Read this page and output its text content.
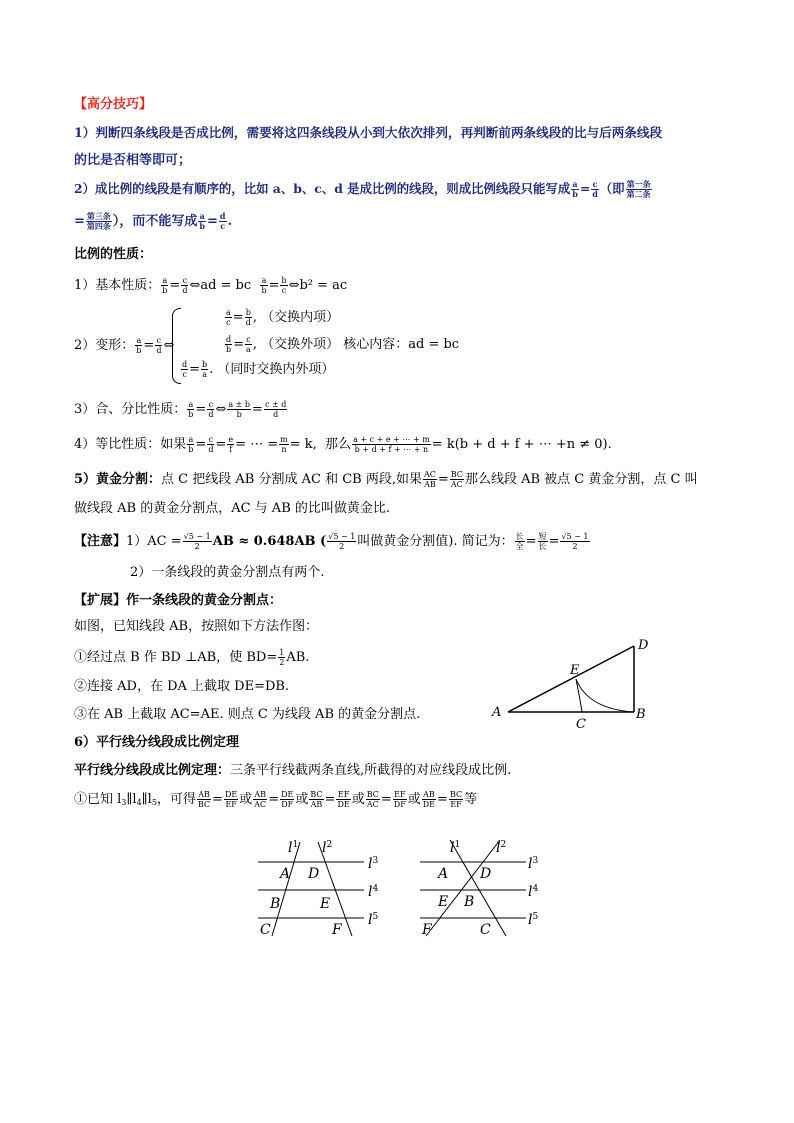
【高分技巧】
1）判断四条线段是否成比例，需要将这四条线段从小到大依次排列，再判断前两条线段的比与后两条线段
的比是否相等即可；
2）成比例的线段是有顺序的，比如 a、b、c、d 是成比例的线段，则成比例线段只能写成 $\frac{a}{b} = \frac{c}{d}$ （即 $\frac{\text{第一条}}{\text{第二条}}$
= $\frac{\text{第三条}}{\text{第四条}}$ ），而不能写成 $\frac{a}{b} = \frac{d}{c}$ .
比例的性质：
1）基本性质： $\frac{a}{b} = \frac{c}{d}$ ⇔ad = bc $\frac{a}{b} = \frac{b}{c}$ ⇔b² = ac
2）变形： $\frac{a}{b} = \frac{c}{d}$ ⇔
$\frac{a}{c} = \frac{b}{d}$ , （交换内项）
$\frac{d}{b} = \frac{c}{a}$ , （交换外项） 核心内容：ad = bc
$\frac{d}{c} = \frac{b}{a}$ . （同时交换内外项）
3）合、分比性质： $\frac{a}{b} = \frac{c}{d}$ ⇔ $\frac{a \pm b}{b} = \frac{c \pm d}{d}$
4）等比性质：如果 $\frac{a}{b} = \frac{c}{d} = \frac{e}{f}$ = ⋯ = $\frac{m}{n} = k$, 那么 $\frac{a + c + e + \cdots + m}{b + d + f + \cdots + n} = k(b + d + f$ + ⋯ +n ≠ 0).
5）黄金分割：点 C 把线段 AB 分割成 AC 和 CB 两段,如果 $\frac{AC}{AB} = \frac{BC}{AC}$ 那么线段 AB 被点 C 黄金分割，点 C 叫
做线段 AB 的黄金分割点，AC 与 AB 的比叫做黄金比.
【注意】$1)AC = \frac{√5 - 1}{2}$ AB ≈ 0.648AB ( $\frac{√5 - 1}{2}$ 叫做黄金分割值). 简记为： $\frac{\text{长}}{\text{全}} = \frac{\text{短}}{\text{长}} = \frac{√5 - 1}{2}$
2）一条线段的黄金分割点有两个.
【扩展】作一条线段的黄金分割点：
如图，已知线段 AB，按照如下方法作图：
①经过点 B 作 BD ⊥AB，使 $BD= \frac{1}{2}$ AB.
②连接 AD，在 DA 上截取 DE=DB.
③在 AB 上截取 AC=AE. 则点 C 为线段 AB 的黄金分割点.	A	B
C
D
E
6）平行线分线段成比例定理
平行线分线段成比例定理：三条平行线截两条直线,所截得的对应线段成比例.
①已知 $l_3\parallel l_4\parallel l_5$，可得 $\frac{AB}{BC} = \frac{DE}{EF}$ 或 $\frac{AB}{AC} = \frac{DE}{DF}$ 或 $\frac{BC}{AB} = \frac{EF}{DE}$ 或 $\frac{BC}{AC} = \frac{EF}{DF}$ 或 $\frac{AB}{DE} = \frac{BC}{EF}$ 等
$l^1$ $l^2$
$l^3$
$l^4$
$l^5$
A D
B	E
C	F
$l^1$	$l^2$
$l^3$
$l^4$
$l^5$
A D
E B
F	C
